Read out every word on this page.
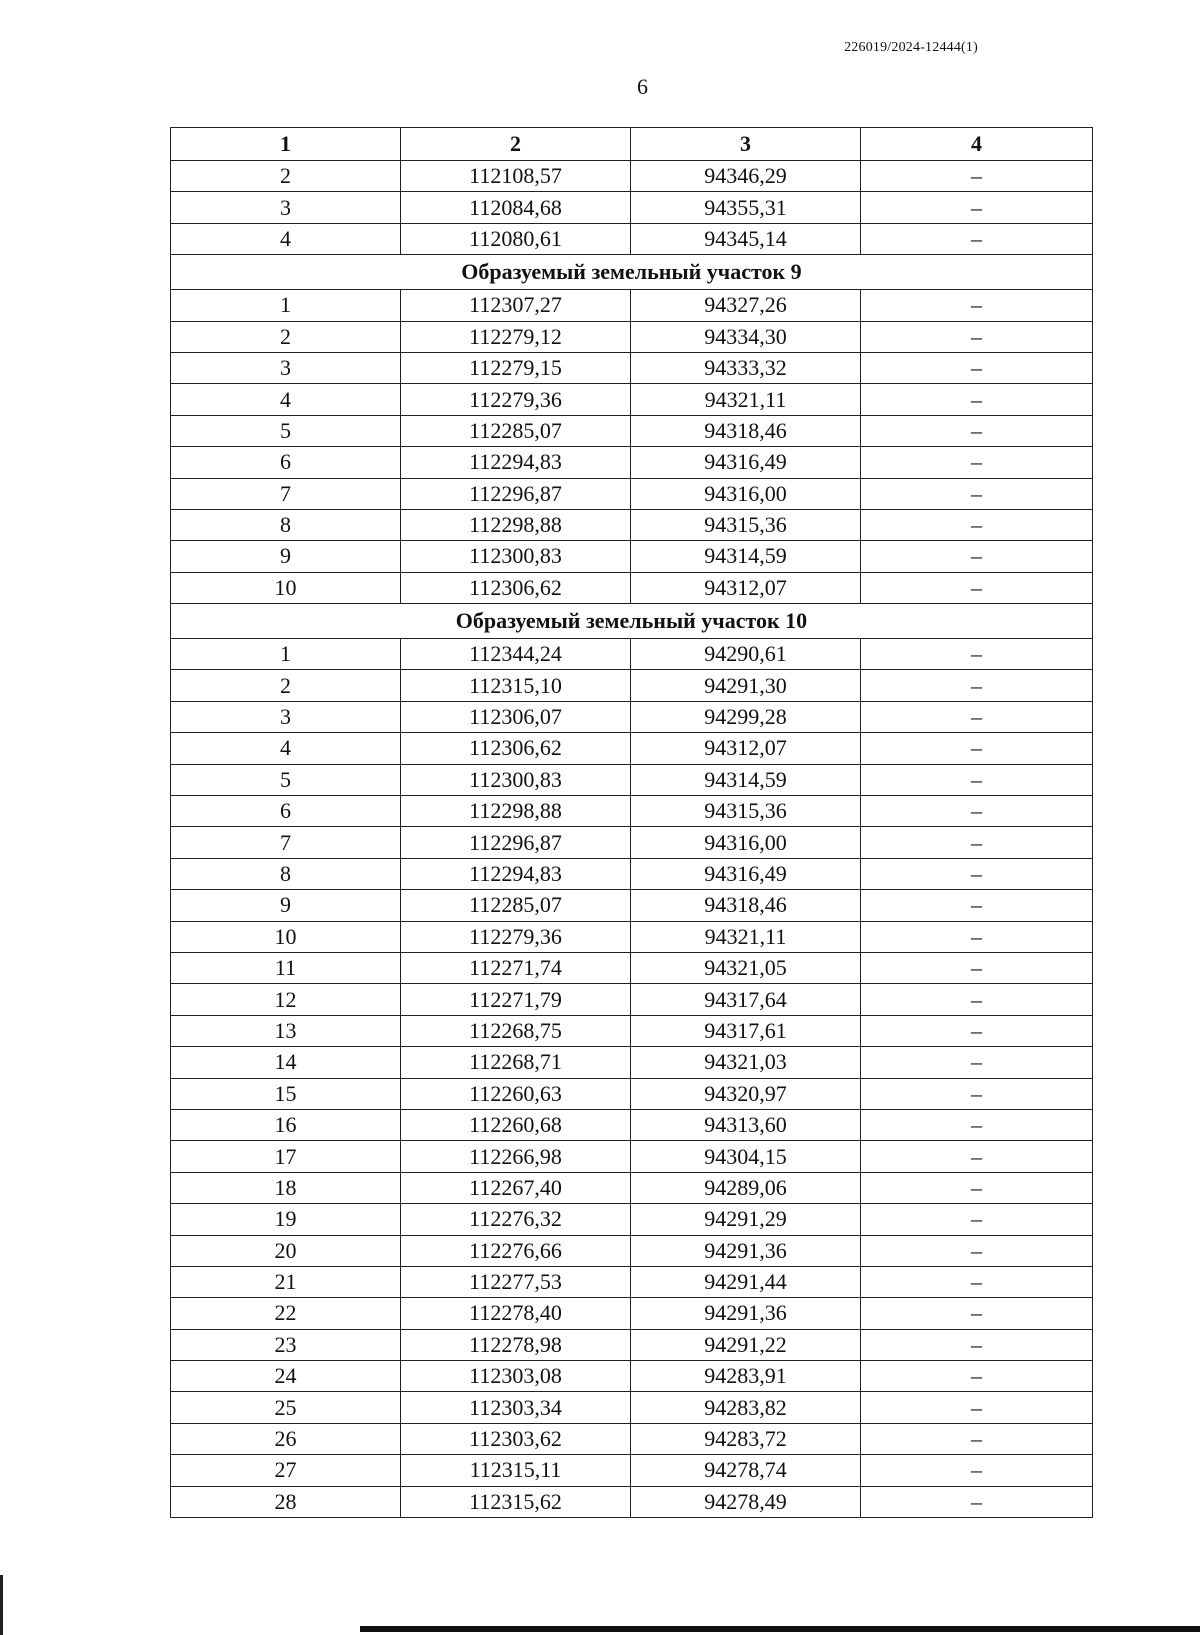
226019/2024-12444(1)
6
1	2	3	4
2	112108,57	94346,29	–
3	112084,68	94355,31	–
4	112080,61	94345,14	–
Образуемый земельный участок 9			
1	112307,27	94327,26	–
2	112279,12	94334,30	–
3	112279,15	94333,32	–
4	112279,36	94321,11	–
5	112285,07	94318,46	–
6	112294,83	94316,49	–
7	112296,87	94316,00	–
8	112298,88	94315,36	–
9	112300,83	94314,59	–
10	112306,62	94312,07	–
Образуемый земельный участок 10			
1	112344,24	94290,61	–
2	112315,10	94291,30	–
3	112306,07	94299,28	–
4	112306,62	94312,07	–
5	112300,83	94314,59	–
6	112298,88	94315,36	–
7	112296,87	94316,00	–
8	112294,83	94316,49	–
9	112285,07	94318,46	–
10	112279,36	94321,11	–
11	112271,74	94321,05	–
12	112271,79	94317,64	–
13	112268,75	94317,61	–
14	112268,71	94321,03	–
15	112260,63	94320,97	–
16	112260,68	94313,60	–
17	112266,98	94304,15	–
18	112267,40	94289,06	–
19	112276,32	94291,29	–
20	112276,66	94291,36	–
21	112277,53	94291,44	–
22	112278,40	94291,36	–
23	112278,98	94291,22	–
24	112303,08	94283,91	–
25	112303,34	94283,82	–
26	112303,62	94283,72	–
27	112315,11	94278,74	–
28	112315,62	94278,49	–
